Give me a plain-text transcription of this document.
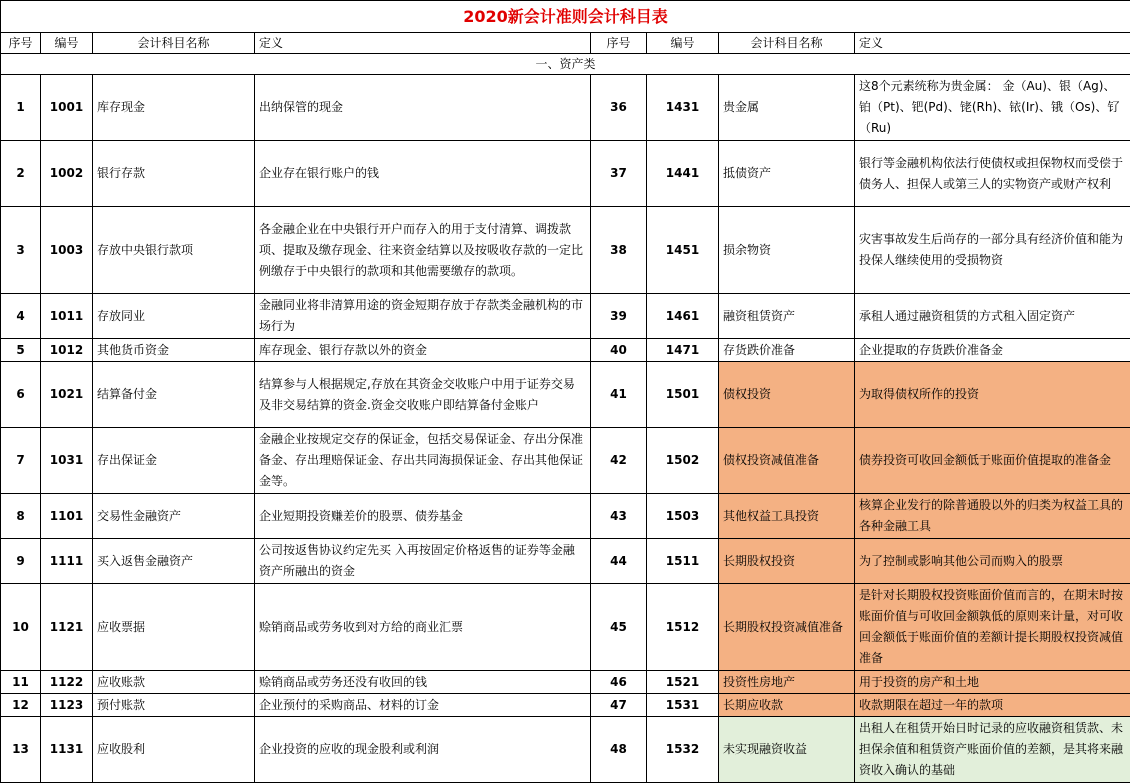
2020新会计准则会计科目表							
序号	编号	会计科目名称	定义	序号	编号	会计科目名称	定义
一、资产类							
1	1001	库存现金	出纳保管的现金	36	1431	贵金属	这8个元素统称为贵金属： 金（Au)、银（Ag)、铂（Pt)、钯(Pd)、铑(Rh)、铱(Ir)、锇（Os)、钌（Ru)
2	1002	银行存款	企业存在银行账户的钱	37	1441	抵债资产	银行等金融机构依法行使债权或担保物权而受偿于债务人、担保人或第三人的实物资产或财产权利
3	1003	存放中央银行款项	各金融企业在中央银行开户而存入的用于支付清算、调拨款项、提取及缴存现金、往来资金结算以及按吸收存款的一定比例缴存于中央银行的款项和其他需要缴存的款项。	38	1451	损余物资	灾害事故发生后尚存的一部分具有经济价值和能为投保人继续使用的受损物资
4	1011	存放同业	金融同业将非清算用途的资金短期存放于存款类金融机构的市场行为	39	1461	融资租赁资产	承租人通过融资租赁的方式租入固定资产
5	1012	其他货币资金	库存现金、银行存款以外的资金	40	1471	存货跌价准备	企业提取的存货跌价准备金
6	1021	结算备付金	结算参与人根据规定,存放在其资金交收账户中用于证券交易及非交易结算的资金.资金交收账户即结算备付金账户	41	1501	债权投资	为取得债权所作的投资
7	1031	存出保证金	金融企业按规定交存的保证金，包括交易保证金、存出分保准备金、存出理赔保证金、存出共同海损保证金、存出其他保证金等。	42	1502	债权投资减值准备	债券投资可收回金额低于账面价值提取的准备金
8	1101	交易性金融资产	企业短期投资赚差价的股票、债券基金	43	1503	其他权益工具投资	核算企业发行的除普通股以外的归类为权益工具的各种金融工具
9	1111	买入返售金融资产	公司按返售协议约定先买 入再按固定价格返售的证券等金融资产所融出的资金	44	1511	长期股权投资	为了控制或影响其他公司而购入的股票
10	1121	应收票据	赊销商品或劳务收到对方给的商业汇票	45	1512	长期股权投资减值准备	是针对长期股权投资账面价值而言的，在期末时按账面价值与可收回金额孰低的原则来计量，对可收回金额低于账面价值的差额计提长期股权投资减值准备
11	1122	应收账款	赊销商品或劳务还没有收回的钱	46	1521	投资性房地产	用于投资的房产和土地
12	1123	预付账款	企业预付的采购商品、材料的订金	47	1531	长期应收款	收款期限在超过一年的款项
13	1131	应收股利	企业投资的应收的现金股利或利润	48	1532	未实现融资收益	出租人在租赁开始日时记录的应收融资租赁款、未担保余值和租赁资产账面价值的差额，是其将来融资收入确认的基础
